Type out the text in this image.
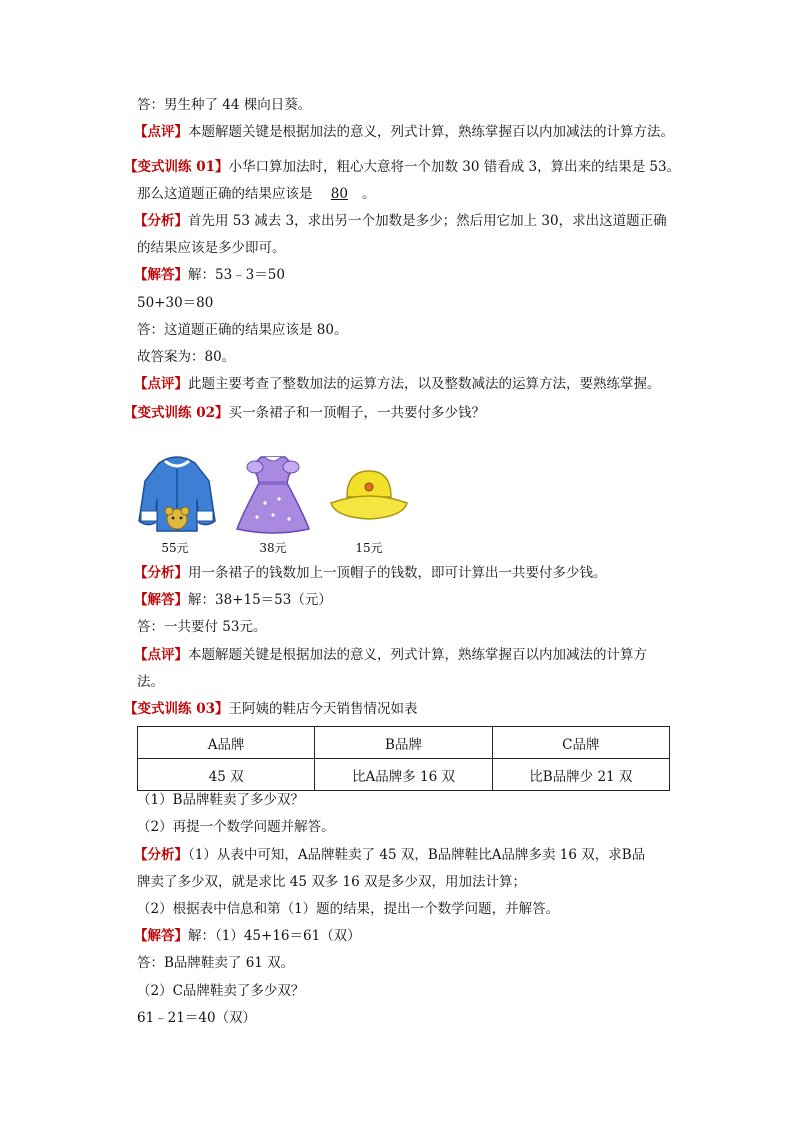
答：男生种了 44 棵向日葵。
【点评】本题解题关键是根据加法的意义，列式计算，熟练掌握百以内加减法的计算方法。
【变式训练 01】小华口算加法时，粗心大意将一个加数 30 错看成 3，算出来的结果是 53。
那么这道题正确的结果应该是 80 。
【分析】首先用 53 减去 3，求出另一个加数是多少；然后用它加上 30，求出这道题正确
的结果应该是多少即可。
【解答】解：53﹣3＝50
50+30＝80
答：这道题正确的结果应该是 80。
故答案为：80。
【点评】此题主要考查了整数加法的运算方法，以及整数减法的运算方法，要熟练掌握。
【变式训练 02】买一条裙子和一顶帽子，一共要付多少钱？
55元	38元	15元
【分析】用一条裙子的钱数加上一顶帽子的钱数，即可计算出一共要付多少钱。
【解答】解：38+15＝53（元）
答：一共要付 53元。
【点评】本题解题关键是根据加法的意义，列式计算，熟练掌握百以内加减法的计算方
法。
【变式训练 03】王阿姨的鞋店今天销售情况如表
A品牌	B品牌	C品牌
45 双	比A品牌多 16 双	比B品牌少 21 双
（1）B品牌鞋卖了多少双？
（2）再提一个数学问题并解答。
【分析】（1）从表中可知，A品牌鞋卖了 45 双，B品牌鞋比A品牌多卖 16 双，求B品
牌卖了多少双，就是求比 45 双多 16 双是多少双，用加法计算；
（2）根据表中信息和第（1）题的结果，提出一个数学问题，并解答。
【解答】解：（1）45+16＝61（双）
答：B品牌鞋卖了 61 双。
（2）C品牌鞋卖了多少双？
61﹣21＝40（双）
